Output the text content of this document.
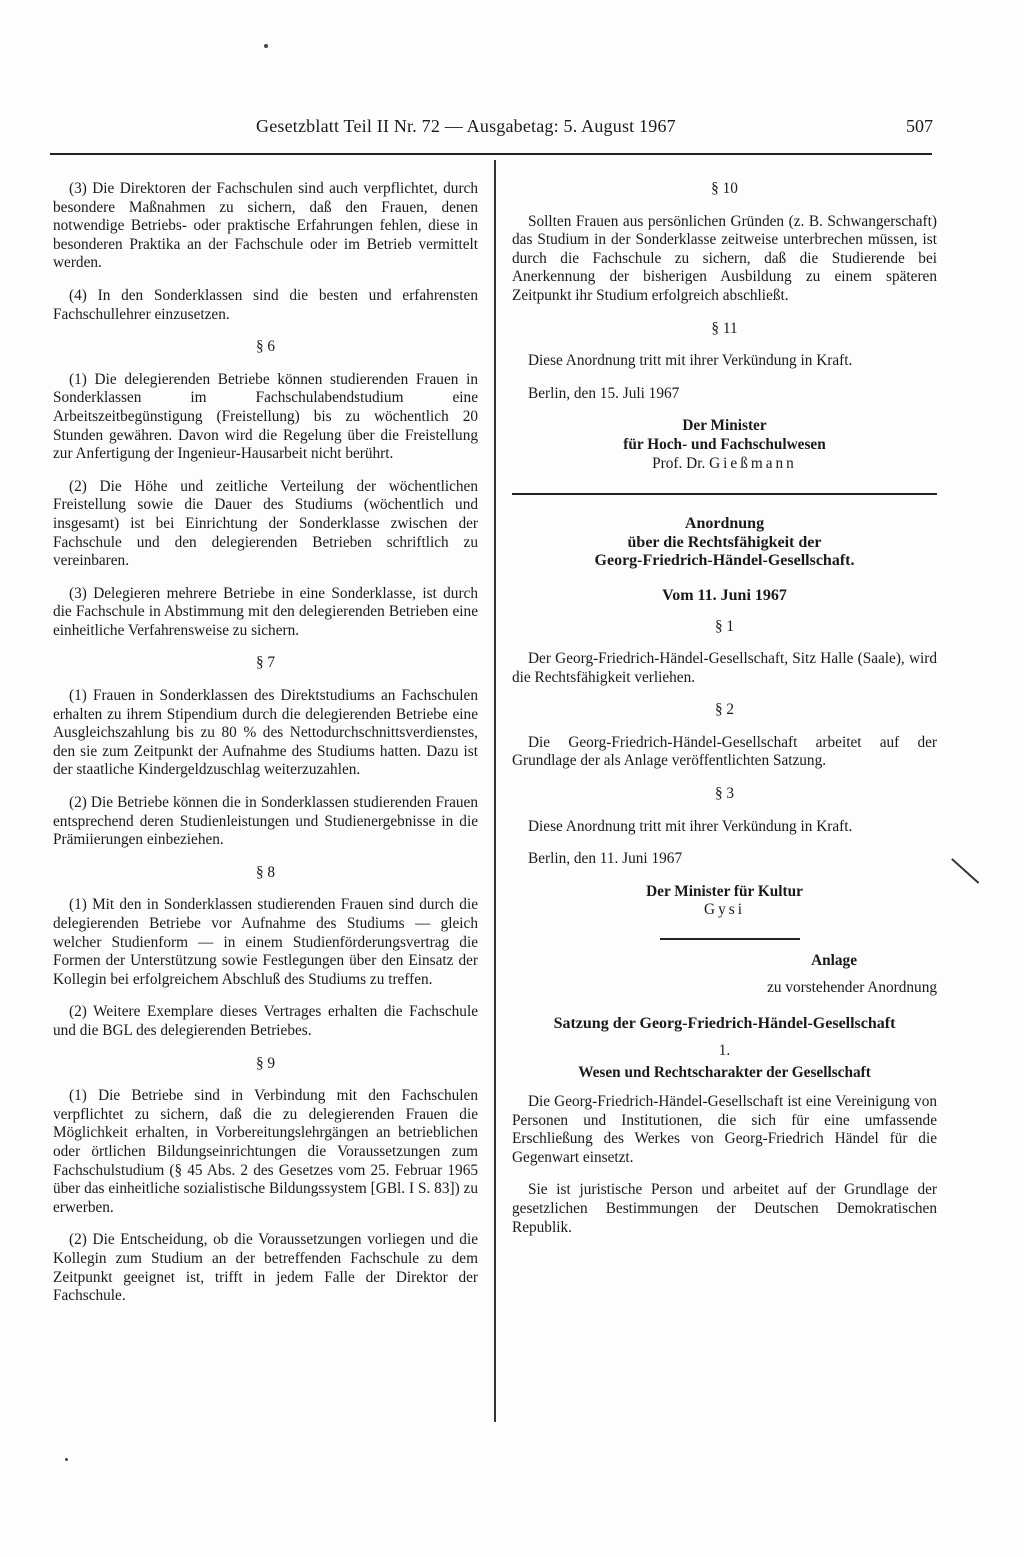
Gesetzblatt Teil II Nr. 72 — Ausgabetag: 5. August 1967	507

(3) Die Direktoren der Fachschulen sind auch verpflichtet, durch besondere Maßnahmen zu sichern, daß den Frauen, denen notwendige Betriebs- oder praktische Erfahrungen fehlen, diese in besonderen Praktika an der Fachschule oder im Betrieb vermittelt werden.

(4) In den Sonderklassen sind die besten und erfahrensten Fachschullehrer einzusetzen.

§ 6

(1) Die delegierenden Betriebe können studierenden Frauen in Sonderklassen im Fachschulabendstudium eine Arbeitszeitbegünstigung (Freistellung) bis zu wöchentlich 20 Stunden gewähren. Davon wird die Regelung über die Freistellung zur Anfertigung der Ingenieur-Hausarbeit nicht berührt.

(2) Die Höhe und zeitliche Verteilung der wöchentlichen Freistellung sowie die Dauer des Studiums (wöchentlich und insgesamt) ist bei Einrichtung der Sonderklasse zwischen der Fachschule und den delegierenden Betrieben schriftlich zu vereinbaren.

(3) Delegieren mehrere Betriebe in eine Sonderklasse, ist durch die Fachschule in Abstimmung mit den delegierenden Betrieben eine einheitliche Verfahrensweise zu sichern.

§ 7

(1) Frauen in Sonderklassen des Direktstudiums an Fachschulen erhalten zu ihrem Stipendium durch die delegierenden Betriebe eine Ausgleichszahlung bis zu 80 % des Nettodurchschnittsverdienstes, den sie zum Zeitpunkt der Aufnahme des Studiums hatten. Dazu ist der staatliche Kindergeldzuschlag weiterzuzahlen.

(2) Die Betriebe können die in Sonderklassen studierenden Frauen entsprechend deren Studienleistungen und Studienergebnisse in die Prämiierungen einbeziehen.

§ 8

(1) Mit den in Sonderklassen studierenden Frauen sind durch die delegierenden Betriebe vor Aufnahme des Studiums — gleich welcher Studienform — in einem Studienförderungsvertrag die Formen der Unterstützung sowie Festlegungen über den Einsatz der Kollegin bei erfolgreichem Abschluß des Studiums zu treffen.

(2) Weitere Exemplare dieses Vertrages erhalten die Fachschule und die BGL des delegierenden Betriebes.

§ 9

(1) Die Betriebe sind in Verbindung mit den Fachschulen verpflichtet zu sichern, daß die zu delegierenden Frauen die Möglichkeit erhalten, in Vorbereitungslehrgängen an betrieblichen oder örtlichen Bildungseinrichtungen die Voraussetzungen zum Fachschulstudium (§ 45 Abs. 2 des Gesetzes vom 25. Februar 1965 über das einheitliche sozialistische Bildungssystem [GBl. I S. 83]) zu erwerben.

(2) Die Entscheidung, ob die Voraussetzungen vorliegen und die Kollegin zum Studium an der betreffenden Fachschule zu dem Zeitpunkt geeignet ist, trifft in jedem Falle der Direktor der Fachschule.

§ 10

Sollten Frauen aus persönlichen Gründen (z. B. Schwangerschaft) das Studium in der Sonderklasse zeitweise unterbrechen müssen, ist durch die Fachschule zu sichern, daß die Studierende bei Anerkennung der bisherigen Ausbildung zu einem späteren Zeitpunkt ihr Studium erfolgreich abschließt.

§ 11

Diese Anordnung tritt mit ihrer Verkündung in Kraft.

Berlin, den 15. Juli 1967

Der Minister
für Hoch- und Fachschulwesen
Prof. Dr. Gießmann
Anordnung
über die Rechtsfähigkeit der
Georg-Friedrich-Händel-Gesellschaft.
Vom 11. Juni 1967

§ 1

Der Georg-Friedrich-Händel-Gesellschaft, Sitz Halle (Saale), wird die Rechtsfähigkeit verliehen.

§ 2

Die Georg-Friedrich-Händel-Gesellschaft arbeitet auf der Grundlage der als Anlage veröffentlichten Satzung.

§ 3

Diese Anordnung tritt mit ihrer Verkündung in Kraft.

Berlin, den 11. Juni 1967

Der Minister für Kultur
Gysi
Anlage
zu vorstehender Anordnung
Satzung der Georg-Friedrich-Händel-Gesellschaft
1.
Wesen und Rechtscharakter der Gesellschaft

Die Georg-Friedrich-Händel-Gesellschaft ist eine Vereinigung von Personen und Institutionen, die sich für eine umfassende Erschließung des Werkes von Georg-Friedrich Händel für die Gegenwart einsetzt.

Sie ist juristische Person und arbeitet auf der Grundlage der gesetzlichen Bestimmungen der Deutschen Demokratischen Republik.
